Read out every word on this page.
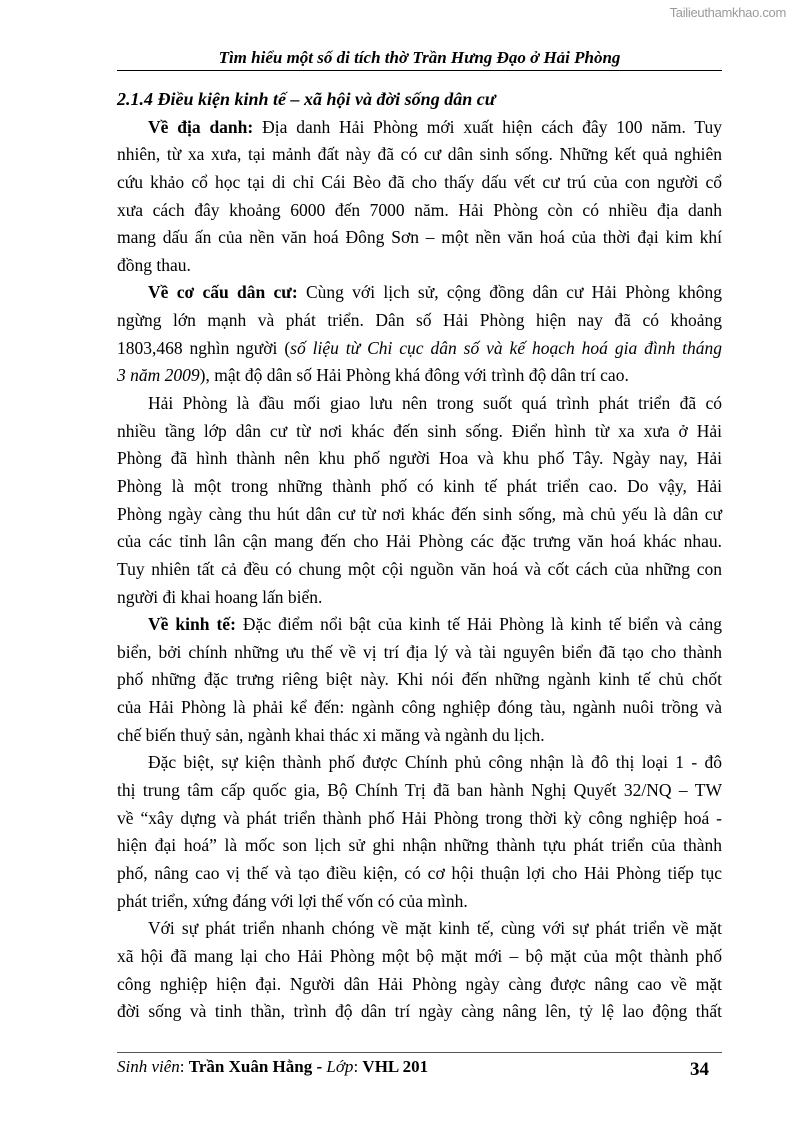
Tailieuthamkhao.com
Tìm hiểu một số di tích thờ Trần Hưng Đạo ở Hải Phòng
2.1.4 Điều kiện kinh tế – xã hội và đời sống dân cư
Về địa danh: Địa danh Hải Phòng mới xuất hiện cách đây 100 năm. Tuy
nhiên, từ xa xưa, tại mảnh đất này đã có cư dân sinh sống. Những kết quả nghiên
cứu khảo cổ học tại di chỉ Cái Bèo đã cho thấy dấu vết cư trú của con người cổ
xưa cách đây khoảng 6000 đến 7000 năm. Hải Phòng còn có nhiều địa danh
mang dấu ấn của nền văn hoá Đông Sơn – một nền văn hoá của thời đại kim khí
đồng thau.
Về cơ cấu dân cư: Cùng với lịch sử, cộng đồng dân cư Hải Phòng không
ngừng lớn mạnh và phát triển. Dân số Hải Phòng hiện nay đã có khoảng
1803,468 nghìn người (số liệu từ Chi cục dân số và kế hoạch hoá gia đình tháng
3 năm 2009), mật độ dân số Hải Phòng khá đông với trình độ dân trí cao.
Hải Phòng là đầu mối giao lưu nên trong suốt quá trình phát triển đã có
nhiều tầng lớp dân cư từ nơi khác đến sinh sống. Điển hình từ xa xưa ở Hải
Phòng đã hình thành nên khu phố người Hoa và khu phố Tây. Ngày nay, Hải
Phòng là một trong những thành phố có kinh tế phát triển cao. Do vậy, Hải
Phòng ngày càng thu hút dân cư từ nơi khác đến sinh sống, mà chủ yếu là dân cư
của các tỉnh lân cận mang đến cho Hải Phòng các đặc trưng văn hoá khác nhau.
Tuy nhiên tất cả đều có chung một cội nguồn văn hoá và cốt cách của những con
người đi khai hoang lấn biển.
Về kinh tế: Đặc điểm nổi bật của kinh tế Hải Phòng là kinh tế biển và cảng
biển, bởi chính những ưu thế về vị trí địa lý và tài nguyên biển đã tạo cho thành
phố những đặc trưng riêng biệt này. Khi nói đến những ngành kinh tế chủ chốt
của Hải Phòng là phải kể đến: ngành công nghiệp đóng tàu, ngành nuôi trồng và
chế biến thuỷ sản, ngành khai thác xi măng và ngành du lịch.
Đặc biệt, sự kiện thành phố được Chính phủ công nhận là đô thị loại 1 - đô
thị trung tâm cấp quốc gia, Bộ Chính Trị đã ban hành Nghị Quyết 32/NQ – TW
về “xây dựng và phát triển thành phố Hải Phòng trong thời kỳ công nghiệp hoá -
hiện đại hoá” là mốc son lịch sử ghi nhận những thành tựu phát triển của thành
phố, nâng cao vị thế và tạo điều kiện, có cơ hội thuận lợi cho Hải Phòng tiếp tục
phát triển, xứng đáng với lợi thế vốn có của mình.
Với sự phát triển nhanh chóng về mặt kinh tế, cùng với sự phát triển về mặt
xã hội đã mang lại cho Hải Phòng một bộ mặt mới – bộ mặt của một thành phố
công nghiệp hiện đại. Người dân Hải Phòng ngày càng được nâng cao về mặt
đời sống và tinh thần, trình độ dân trí ngày càng nâng lên, tỷ lệ lao động thất
Sinh viên: Trần Xuân Hằng - Lớp: VHL 201	34
